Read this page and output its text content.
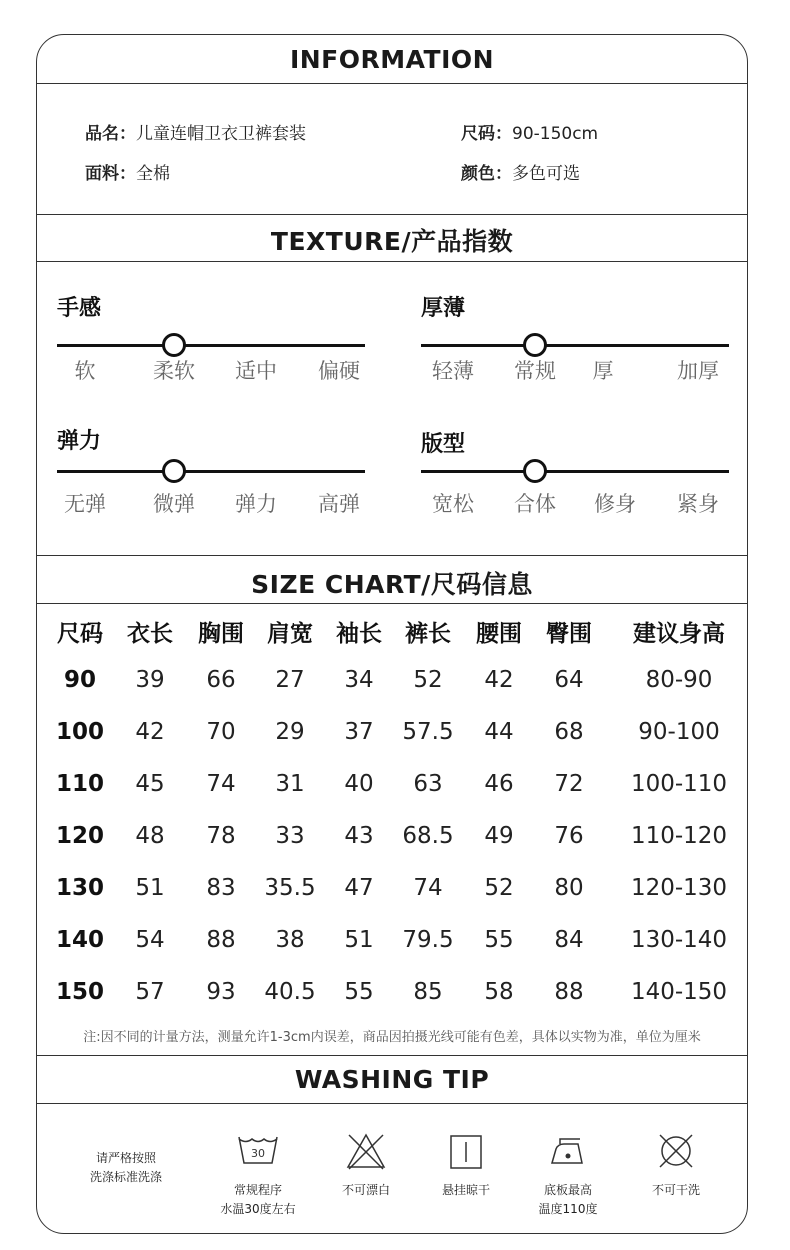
INFORMATION
品名：儿童连帽卫衣卫裤套装	尺码：90-150cm
面料：全棉	颜色：多色可选
TEXTURE/产品指数
手感
软	柔软 适中 偏硬
厚薄
轻薄 常规 厚	加厚
弹力
无弹 微弹 弹力 高弹
版型
宽松 合体 修身 紧身
SIZE CHART/尺码信息
尺码 衣长 胸围 肩宽 袖长 裤长 腰围 臀围 建议身高
90 39 66 27 34 52 42 64	80-90
100 42 70 29 37 57.5 44 68 90-100
110 45 74 31 40 63 46 72 100-110
120 48 78 33 43 68.5 49 76 110-120
130 51 83 35.5 47 74 52 80 120-130
140 54 88 38 51 79.5 55 84 130-140
150 57 93 40.5 55 85 58 88 140-150
注:因不同的计量方法，测量允许1-3cm内误差，商品因拍摄光线可能有色差，具体以实物为准，单位为厘米
WASHING TIP
请严格按照
洗涤标准洗涤
30
常规程序
水温30度左右
不可漂白	悬挂晾干	底板最高
温度110度
不可干洗
